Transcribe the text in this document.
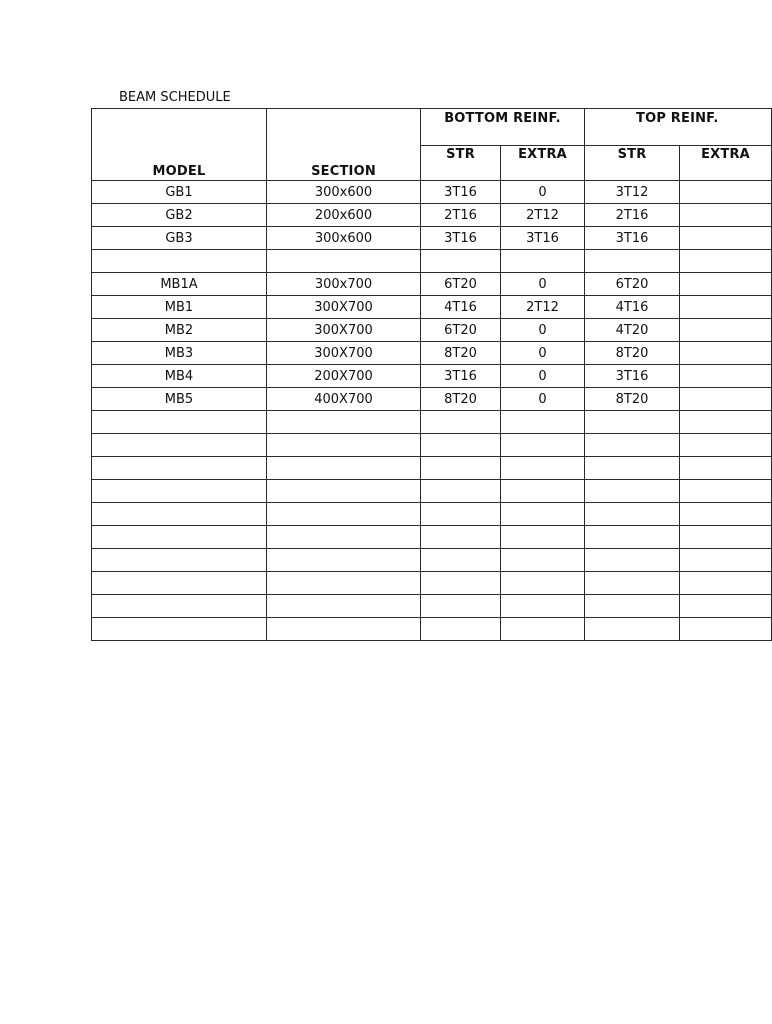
BEAM SCHEDULE
MODEL	SECTION	BOTTOM REINF.		TOP REINF.	
		STR	EXTRA	STR	EXTRA
GB1	300x600	3T16	0	3T12	
GB2	200x600	2T16	2T12	2T16	
GB3	300x600	3T16	3T16	3T16	

MB1A	300x700	6T20	0	6T20	
MB1	300X700	4T16	2T12	4T16	
MB2	300X700	6T20	0	4T20	
MB3	300X700	8T20	0	8T20	
MB4	200X700	3T16	0	3T16	
MB5	400X700	8T20	0	8T20	
